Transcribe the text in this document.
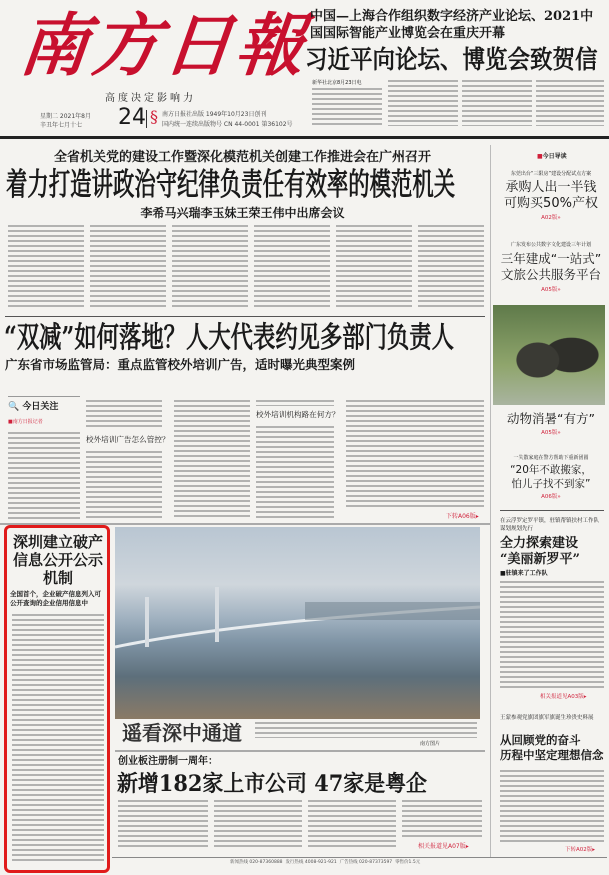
南方日報
高度决定影响力
星期二 2021年8月
辛丑年七月十七 24 § 南方日报社出版 1949年10月23日创刊
国内统一连续出版物号 CN 44-0001 第36102号
中国—上海合作组织数字经济产业论坛、2021中国国际智能产业博览会在重庆开幕
习近平向论坛、博览会致贺信
新华社北京8月23日电
全省机关党的建设工作暨深化模范机关创建工作推进会在广州召开
着力打造讲政治守纪律负责任有效率的模范机关
李希马兴瑞李玉妹王荣王伟中出席会议
“双减”如何落地？人大代表约见多部门负责人
广东省市场监管局：重点监管校外培训广告，适时曝光典型案例
🔍 今日关注
■南方日报记者
校外培训广告怎么管控？
校外培训机构路在何方？
下转A06版▸
深圳建立破产信息公开公示机制
全国首个，企业破产信息列入可公开查询的企业信用信息中
遥看深中通道	南方图片
创业板注册制一周年：
新增182家上市公司 47家是粤企
相关报道见A07版▸
■今日导读
东莞出台“三限房”建设分配试点方案
承购人出一半钱
可购买50%产权
A02版»
广东发布公共数字文化建设三年计划
三年建成“一站式”
文旅公共服务平台
A05版»
动物消暑“有方”
A05版»
一失散家庭在警方帮助下重新团圆
“20年不敢搬家，
怕儿子找不到家”
A06版»
在云浮罗定罗平镇，驻镇帮镇扶村工作队谋划规划先行
全力探索建设
“美丽新罗平”
■驻镇来了工作队
相关报道见A03版▸
王蒙参观党旗团旗军旗诞生珍贵史料展
从回顾党的奋斗
历程中坚定理想信念
下转A02版▸
新闻热线 020-87360888 发行热线 4008-921-921 广告热线 020-87373597 零售价1.5元
